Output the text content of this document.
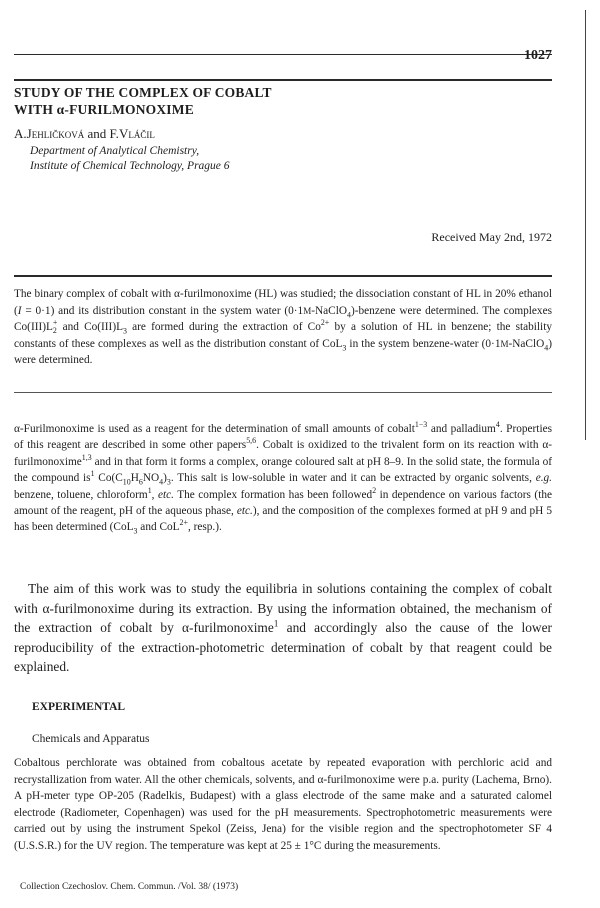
1027
STUDY OF THE COMPLEX OF COBALT
WITH α-FURILMONOXIME
A.Jehličková and F.Vláčil
Department of Analytical Chemistry,
Institute of Chemical Technology, Prague 6
Received May 2nd, 1972
The binary complex of cobalt with α-furilmonoxime (HL) was studied; the dissociation constant of HL in 20% ethanol (I = 0·1) and its distribution constant in the system water (0·1M-NaClO$_4$)-benzene were determined. The complexes Co(III)L+
2 and $Co(III)L_3$ are formed during the extraction of $Co^{2+}$ by a solution of HL in benzene; the stability constants of these complexes as well as the distribution constant of CoL$_3$ in the system benzene-water (0·1M-NaClO$_4$) were determined.
α-Furilmonoxime is used as a reagent for the determination of small amounts of cobalt$^{1-3}$ and palladium$^4$. Properties of this reagent are described in some other papers$^{5,6}$. Cobalt is oxidized to the trivalent form on its reaction with α-furilmonoxime$^{1,3}$ and in that form it forms a complex, orange coloured salt at pH 8–9. In the solid state, the formula of the compound $is^1$ $Co(C_{10}H_6NO_4)_3$. This salt is low-soluble in water and it can be extracted by organic solvents, e.g. benzene, toluene, chloroform$^1$, etc. The complex formation has been followed$^2$ in dependence on various factors (the amount of the reagent, pH of the aqueous phase, etc.), and the composition of the complexes formed at pH 9 and pH 5 has been determined (CoL$_3$ and CoL$^{2+}$, resp.).
The aim of this work was to study the equilibria in solutions containing the complex of cobalt with α-furilmonoxime during its extraction. By using the information obtained, the mechanism of the extraction of cobalt by α-furilmonoxime$^1$ and accordingly also the cause of the lower reproducibility of the extraction-photometric determination of cobalt by that reagent could be explained.
EXPERIMENTAL
Chemicals and Apparatus
Cobaltous perchlorate was obtained from cobaltous acetate by repeated evaporation with perchloric acid and recrystallization from water. All the other chemicals, solvents, and α-furilmonoxime were p.a. purity (Lachema, Brno). A pH-meter type OP-205 (Radelkis, Budapest) with a glass electrode of the same make and a saturated calomel electrode (Radiometer, Copenhagen) was used for the pH measurements. Spectrophotometric measurements were carried out by using the instrument Spekol (Zeiss, Jena) for the visible region and the spectrophotometer SF 4 (U.S.S.R.) for the UV region. The temperature was kept at 25 ± 1°C during the measurements.
Collection Czechoslov. Chem. Commun. /Vol. 38/ (1973)
